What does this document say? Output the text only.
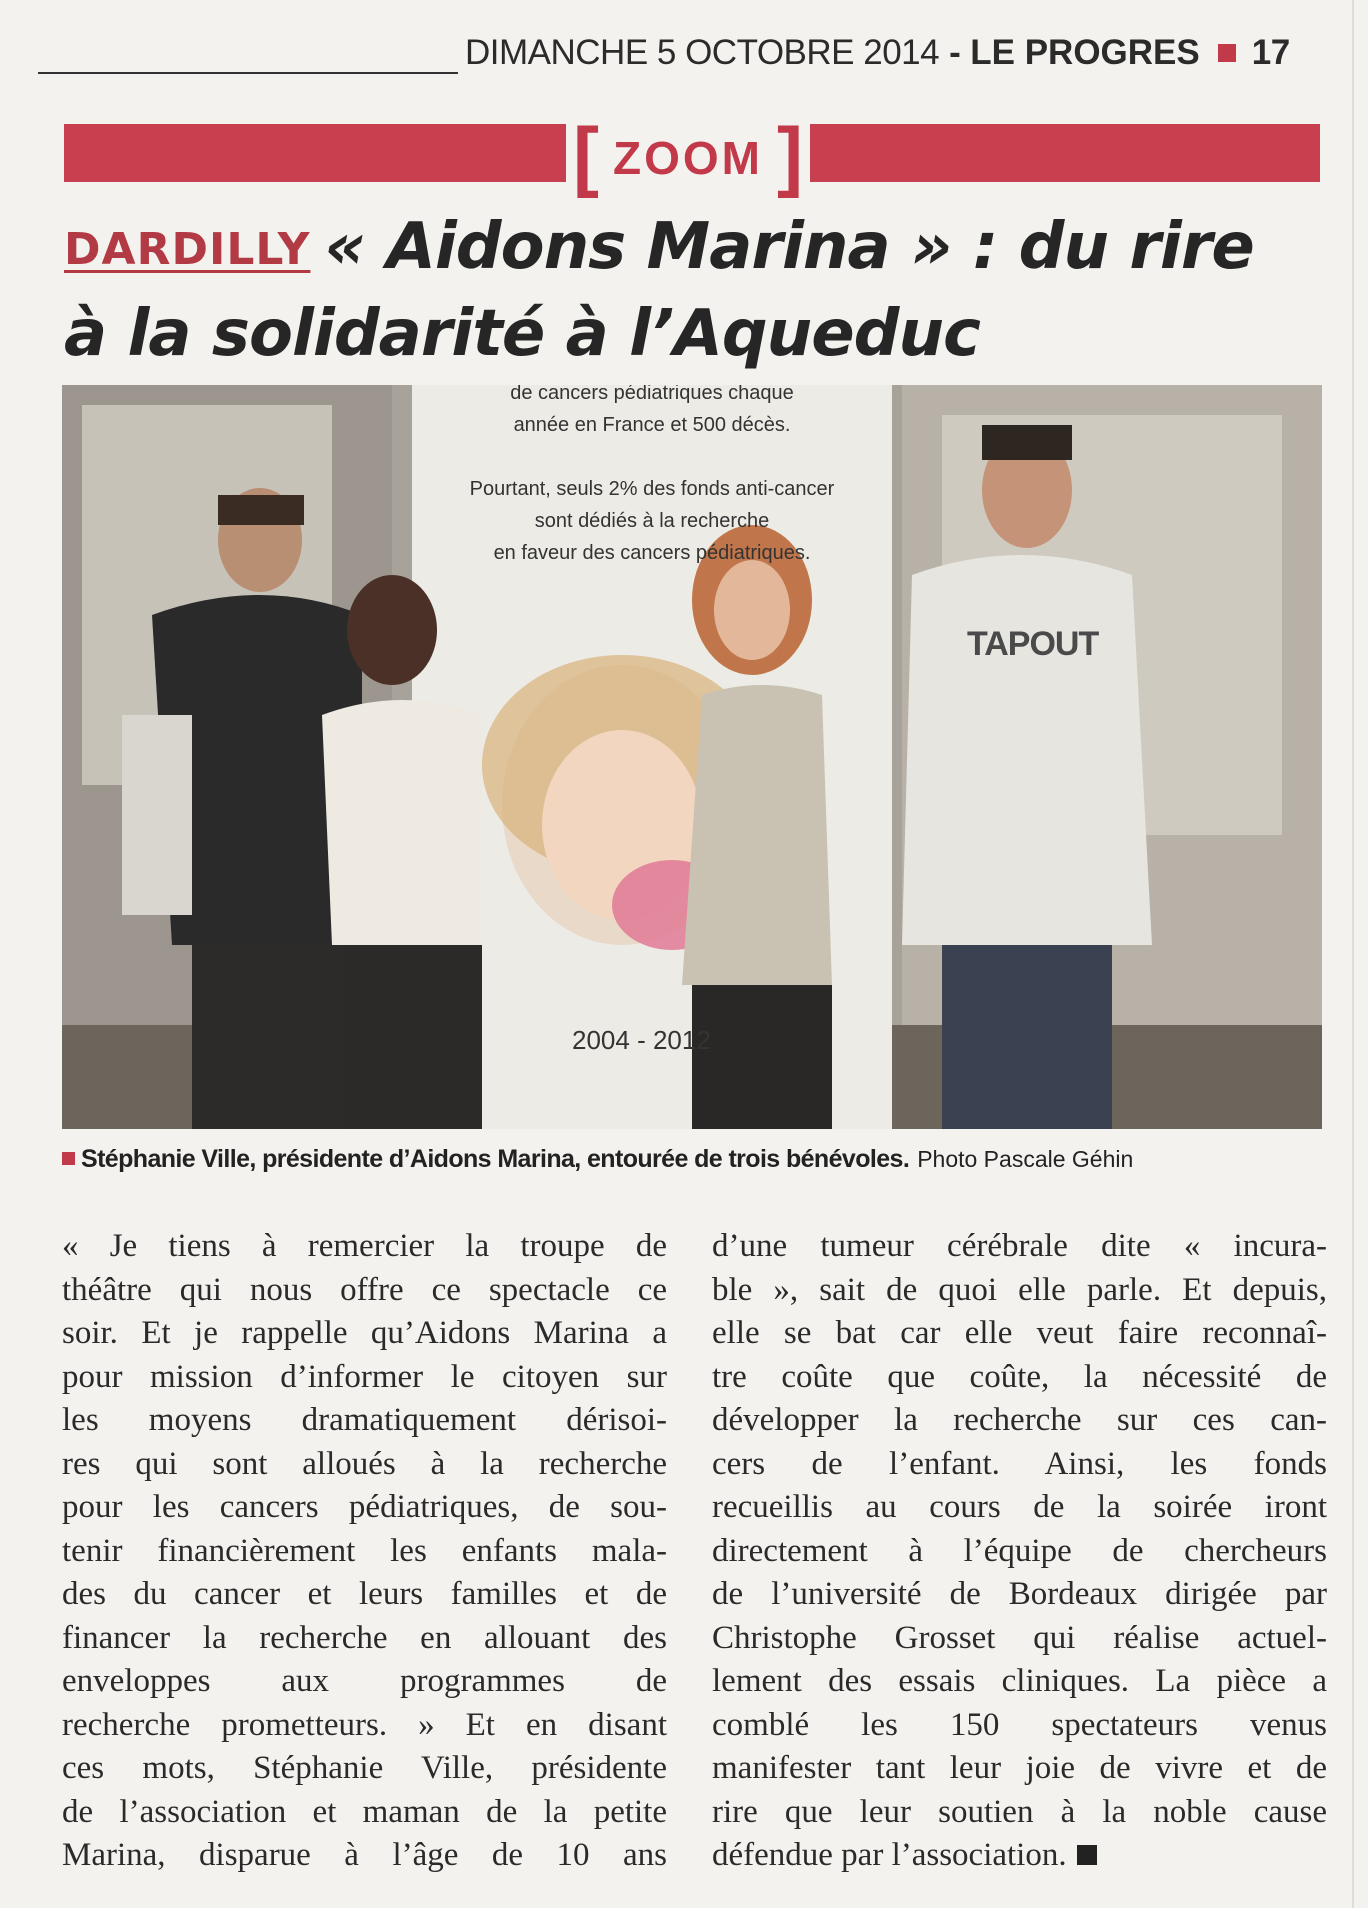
DIMANCHE 5 OCTOBRE 2014 - LE PROGRES 17
[ ZOOM ]
DARDILLY « Aidons Marina » : du rire
à la solidarité à l’Aqueduc
de cancers pédiatriques chaque
année en France et 500 décès.
Pourtant, seuls 2% des fonds anti-cancer
sont dédiés à la recherche
en faveur des cancers pédiatriques.
2004 - 2012
TAPOUT
Stéphanie Ville, présidente d’Aidons Marina, entourée de trois bénévoles. Photo Pascale Géhin
« Je tiens à remercier la troupe de
théâtre qui nous offre ce spectacle ce
soir. Et je rappelle qu’Aidons Marina a
pour mission d’informer le citoyen sur
les moyens dramatiquement dérisoi-
res qui sont alloués à la recherche
pour les cancers pédiatriques, de sou-
tenir financièrement les enfants mala-
des du cancer et leurs familles et de
financer la recherche en allouant des
enveloppes aux programmes de
recherche prometteurs. » Et en disant
ces mots, Stéphanie Ville, présidente
de l’association et maman de la petite
Marina, disparue à l’âge de 10 ans
d’une tumeur cérébrale dite « incura-
ble », sait de quoi elle parle. Et depuis,
elle se bat car elle veut faire reconnaî-
tre coûte que coûte, la nécessité de
développer la recherche sur ces can-
cers de l’enfant. Ainsi, les fonds
recueillis au cours de la soirée iront
directement à l’équipe de chercheurs
de l’université de Bordeaux dirigée par
Christophe Grosset qui réalise actuel-
lement des essais cliniques. La pièce a
comblé les 150 spectateurs venus
manifester tant leur joie de vivre et de
rire que leur soutien à la noble cause
défendue par l’association.
